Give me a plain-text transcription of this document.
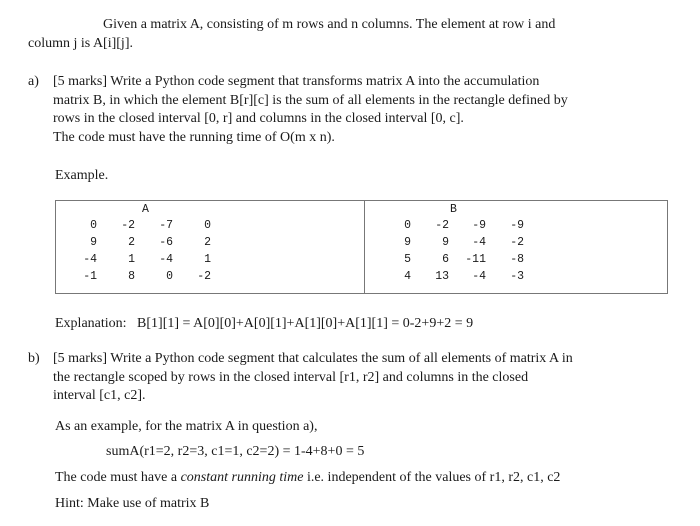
Given a matrix A, consisting of m rows and n columns. The element at row i and
column j is A[i][j].
a) [5 marks] Write a Python code segment that transforms matrix A into the accumulation
matrix B, in which the element B[r][c] is the sum of all elements in the rectangle defined by
rows in the closed interval [0, r] and columns in the closed interval [0, c].
The code must have the running time of O(m x n).
Example.
A	B
0	-2	-7	0
9	2	-6	2
-4	1	-4	1
-1	8	0	-2
0	-2	-9	-9
9	9	-4	-2
5	6	-11	-8
4	13	-4	-3
Explanation:   B[1][1] = A[0][0]+A[0][1]+A[1][0]+A[1][1] = 0-2+9+2 = 9
b) [5 marks] Write a Python code segment that calculates the sum of all elements of matrix A in
the rectangle scoped by rows in the closed interval [r1, r2] and columns in the closed
interval [c1, c2].
As an example, for the matrix A in question a),
sumA(r1=2, r2=3, c1=1, c2=2) = 1-4+8+0 = 5
The code must have a constant running time i.e. independent of the values of r1, r2, c1, c2
Hint: Make use of matrix B
